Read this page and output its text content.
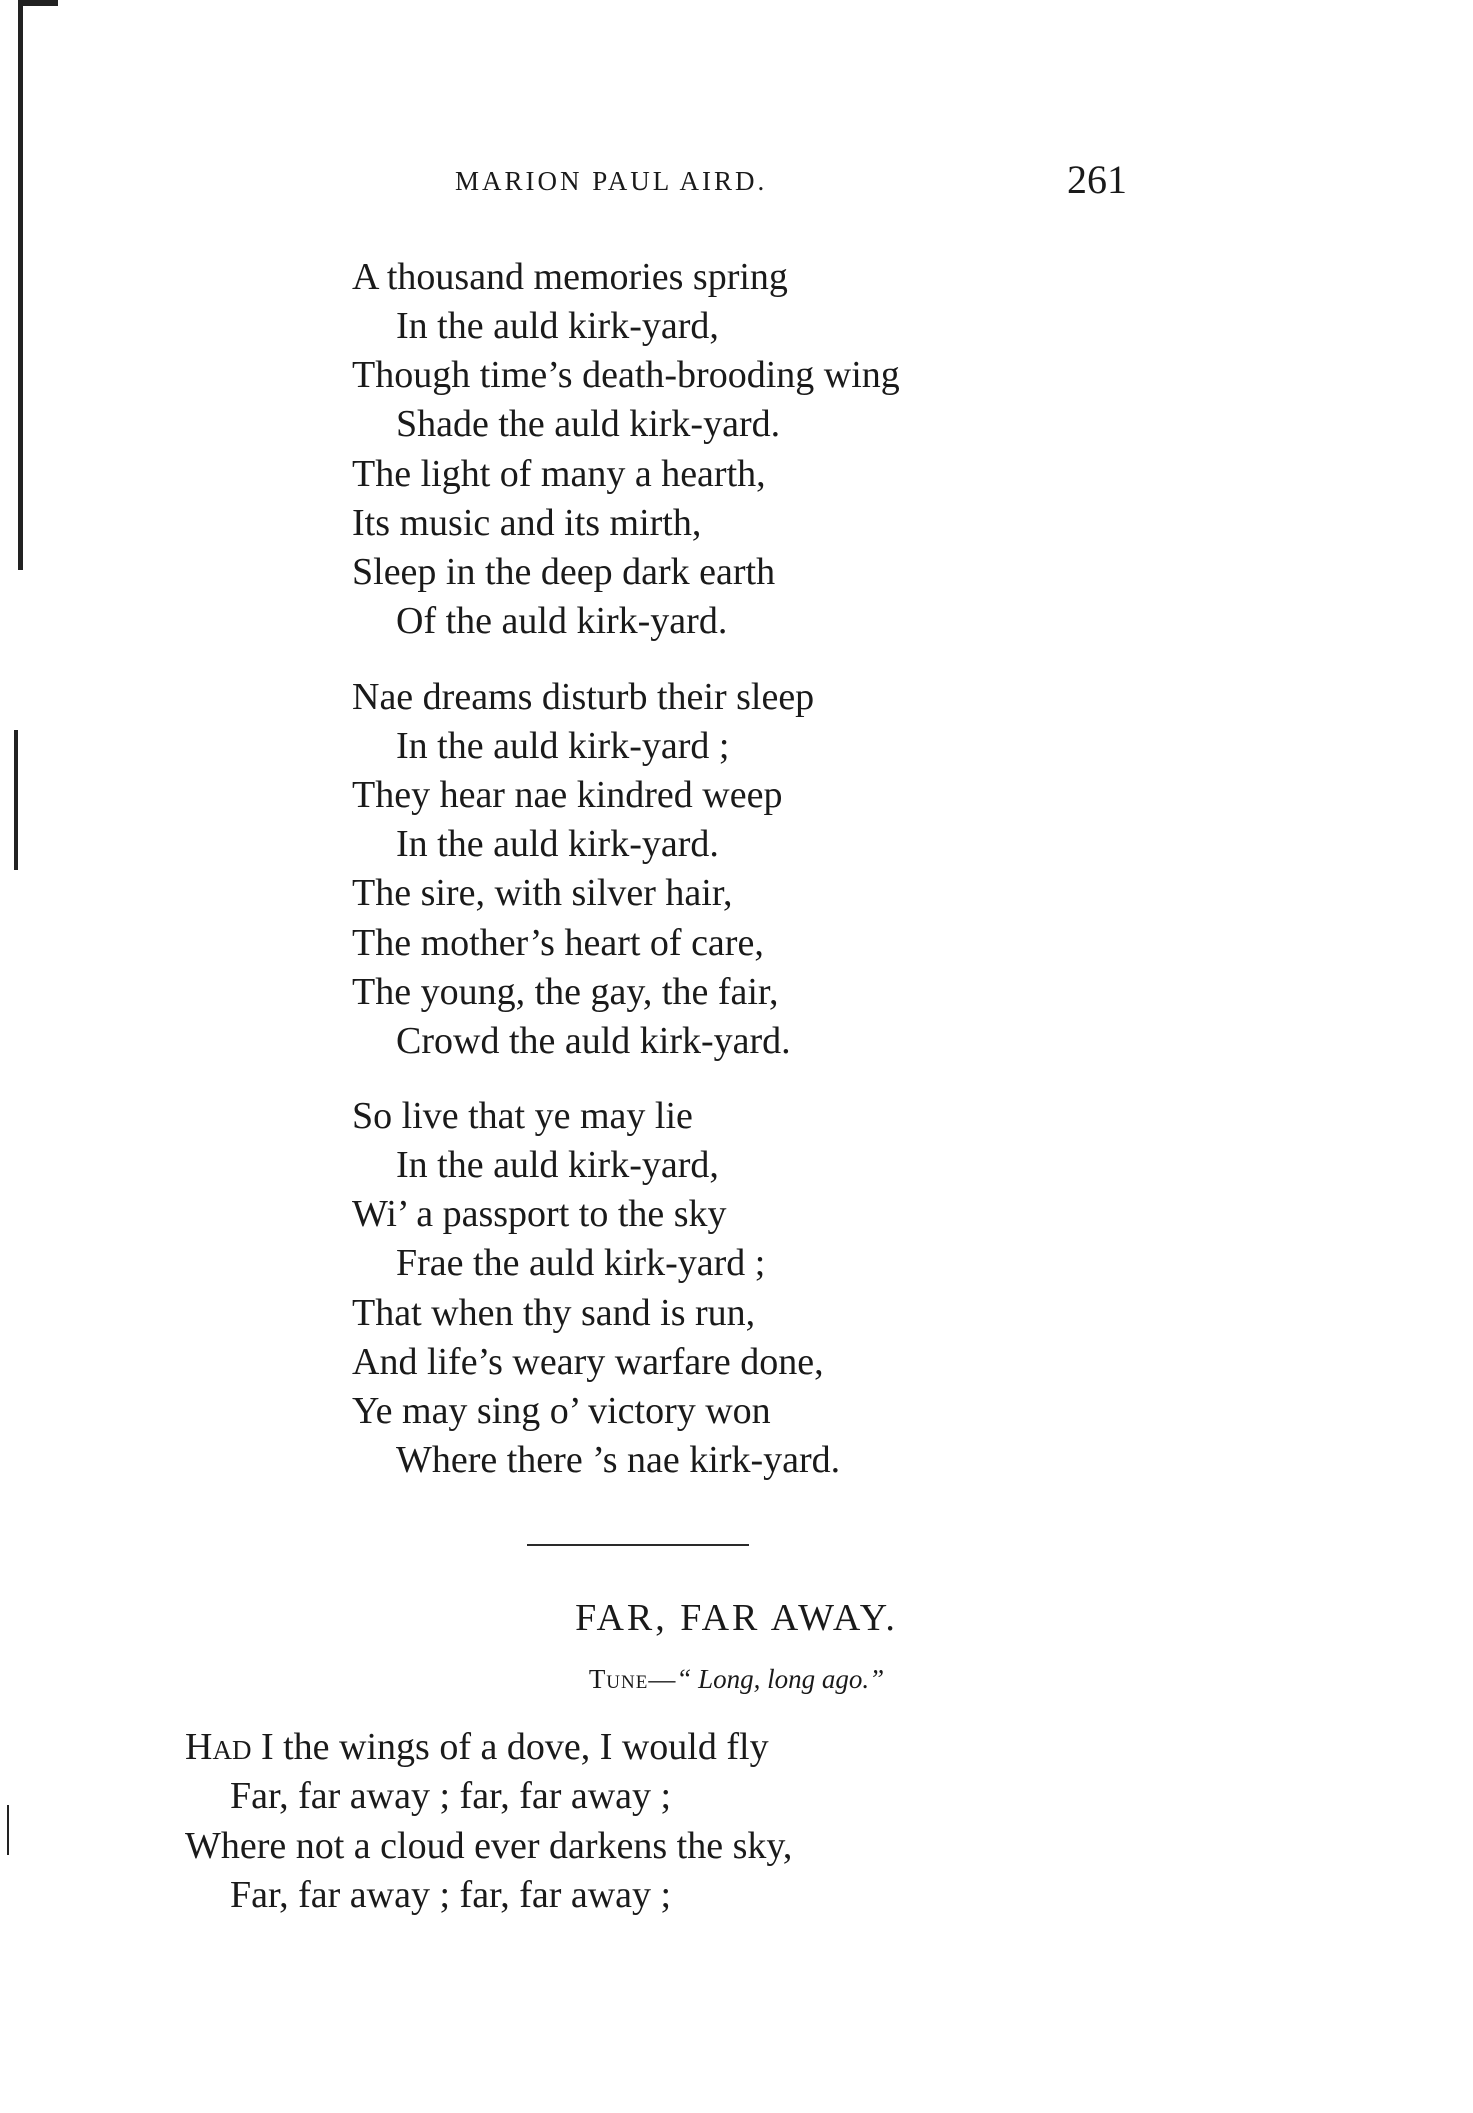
MARION PAUL AIRD.	261
A thousand memories spring
In the auld kirk-yard,
Though time’s death-brooding wing
Shade the auld kirk-yard.
The light of many a hearth,
Its music and its mirth,
Sleep in the deep dark earth
Of the auld kirk-yard.
Nae dreams disturb their sleep
In the auld kirk-yard ;
They hear nae kindred weep
In the auld kirk-yard.
The sire, with silver hair,
The mother’s heart of care,
The young, the gay, the fair,
Crowd the auld kirk-yard.
So live that ye may lie
In the auld kirk-yard,
Wi’ a passport to the sky
Frae the auld kirk-yard ;
That when thy sand is run,
And life’s weary warfare done,
Ye may sing o’ victory won
Where there ’s nae kirk-yard.
FAR, FAR AWAY.
Tune—“ Long, long ago.”
Had I the wings of a dove, I would fly
Far, far away ; far, far away ;
Where not a cloud ever darkens the sky,
Far, far away ; far, far away ;
